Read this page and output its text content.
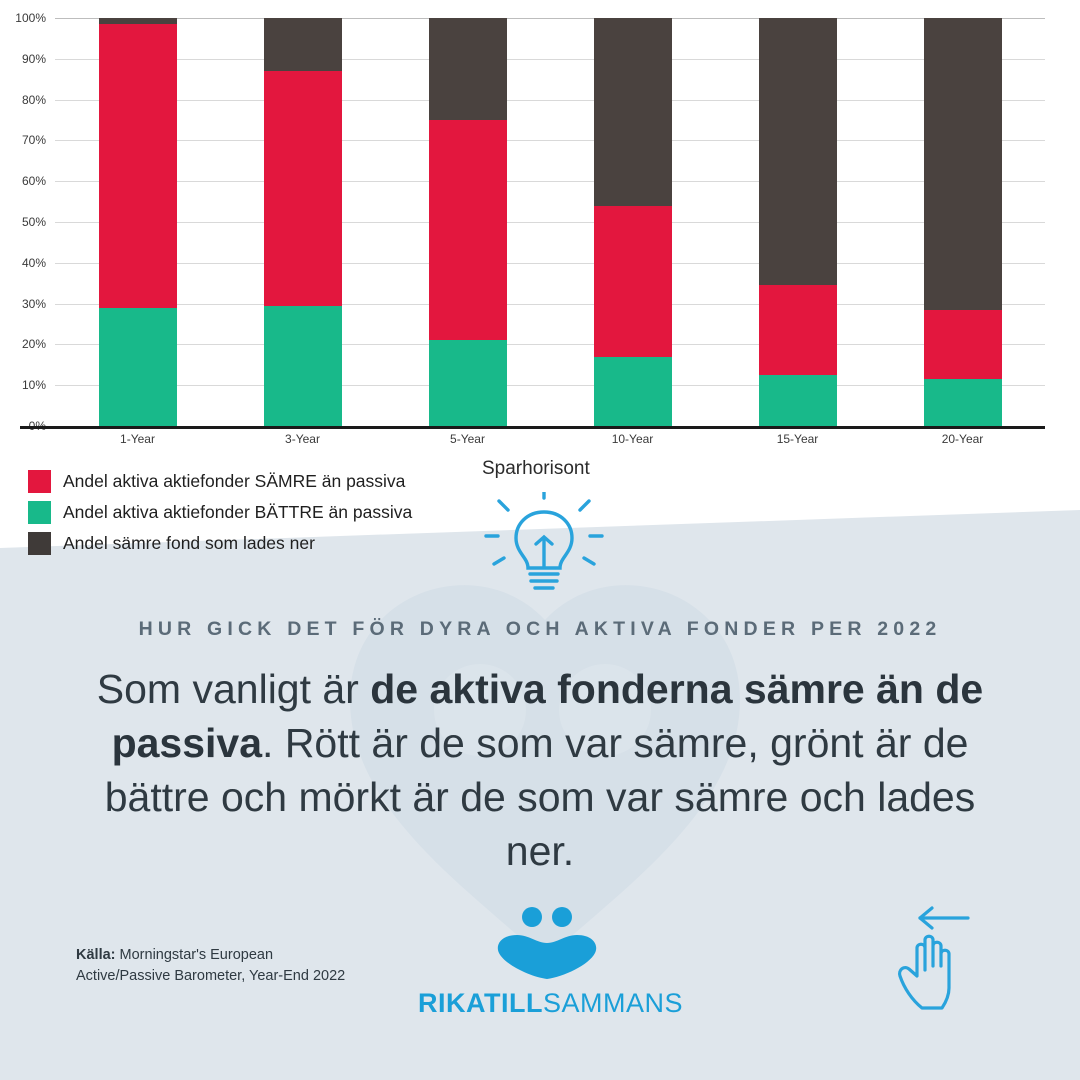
10%
20%
30%
40%
50%
60%
70%
80%
90%
100%
1-Year	3-Year	5-Year	10-Year	15-Year	20-Year
Sparhorisont
Andel aktiva aktiefonder SÄMRE än passiva
Andel aktiva aktiefonder BÄTTRE än passiva
Andel sämre fond som lades ner
HUR GICK DET FÖR DYRA OCH AKTIVA FONDER PER 2022
Som vanligt är de aktiva fonderna sämre än de passiva. Rött är de som var sämre, grönt är de bättre och mörkt är de som var sämre och lades ner.
Källa: Morningstar's European Active/Passive Barometer, Year-End 2022
RIKATILLSAMMANS
